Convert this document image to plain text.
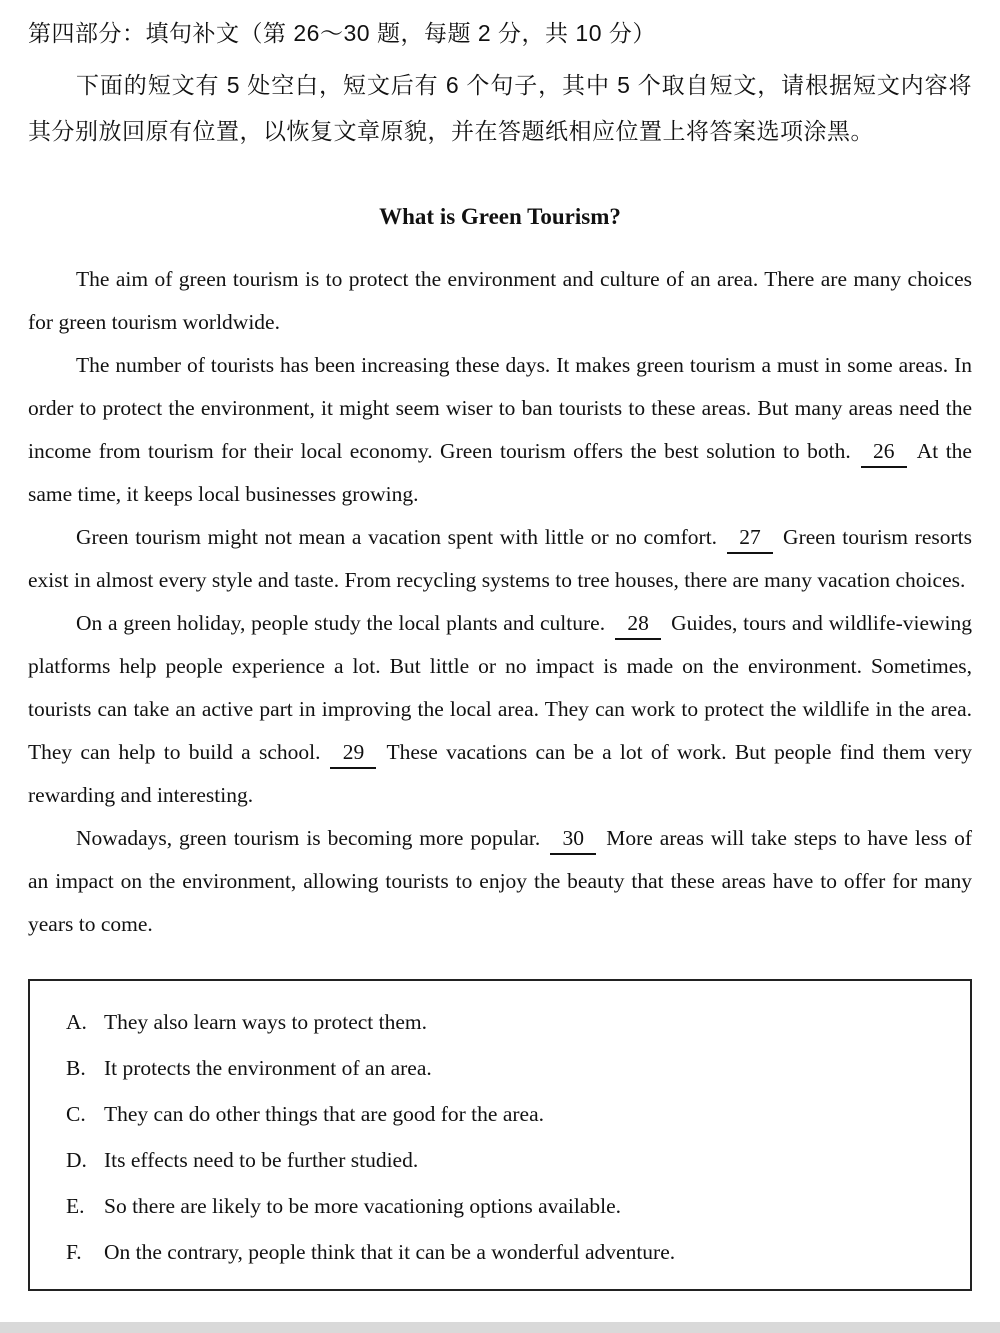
第四部分：填句补文（第 26～30 题，每题 2 分，共 10 分）
下面的短文有 5 处空白，短文后有 6 个句子，其中 5 个取自短文，请根据短文内容将其分别放回原有位置，以恢复文章原貌，并在答题纸相应位置上将答案选项涂黑。
What is Green Tourism?

The aim of green tourism is to protect the environment and culture of an area. There are many choices for green tourism worldwide.

The number of tourists has been increasing these days. It makes green tourism a must in some areas. In order to protect the environment, it might seem wiser to ban tourists to these areas. But many areas need the income from tourism for their local economy. Green tourism offers the best solution to both. 26 At the same time, it keeps local businesses growing.

Green tourism might not mean a vacation spent with little or no comfort. 27 Green tourism resorts exist in almost every style and taste. From recycling systems to tree houses, there are many vacation choices.

On a green holiday, people study the local plants and culture. 28 Guides, tours and wildlife-viewing platforms help people experience a lot. But little or no impact is made on the environment. Sometimes, tourists can take an active part in improving the local area. They can work to protect the wildlife in the area. They can help to build a school. 29 These vacations can be a lot of work. But people find them very rewarding and interesting.

Nowadays, green tourism is becoming more popular. 30 More areas will take steps to have less of an impact on the environment, allowing tourists to enjoy the beauty that these areas have to offer for many years to come.

A. They also learn ways to protect them.
B. It protects the environment of an area.
C. They can do other things that are good for the area.
D. Its effects need to be further studied.
E. So there are likely to be more vacationing options available.
F. On the contrary, people think that it can be a wonderful adventure.
